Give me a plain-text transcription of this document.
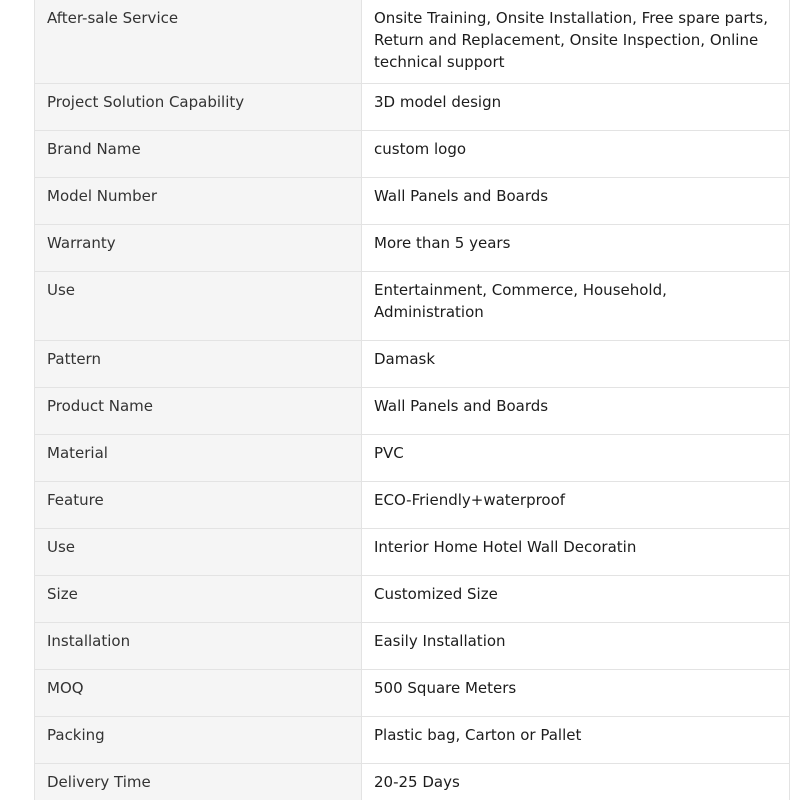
After-sale Service	Onsite Training, Onsite Installation, Free spare parts, Return and Replacement, Onsite Inspection, Online technical support
Project Solution Capability	3D model design
Brand Name	custom logo
Model Number	Wall Panels and Boards
Warranty	More than 5 years
Use	Entertainment, Commerce, Household, Administration
Pattern	Damask
Product Name	Wall Panels and Boards
Material	PVC
Feature	ECO-Friendly+waterproof
Use	Interior Home Hotel Wall Decoratin
Size	Customized Size
Installation	Easily Installation
MOQ	500 Square Meters
Packing	Plastic bag, Carton or Pallet
Delivery Time	20-25 Days
